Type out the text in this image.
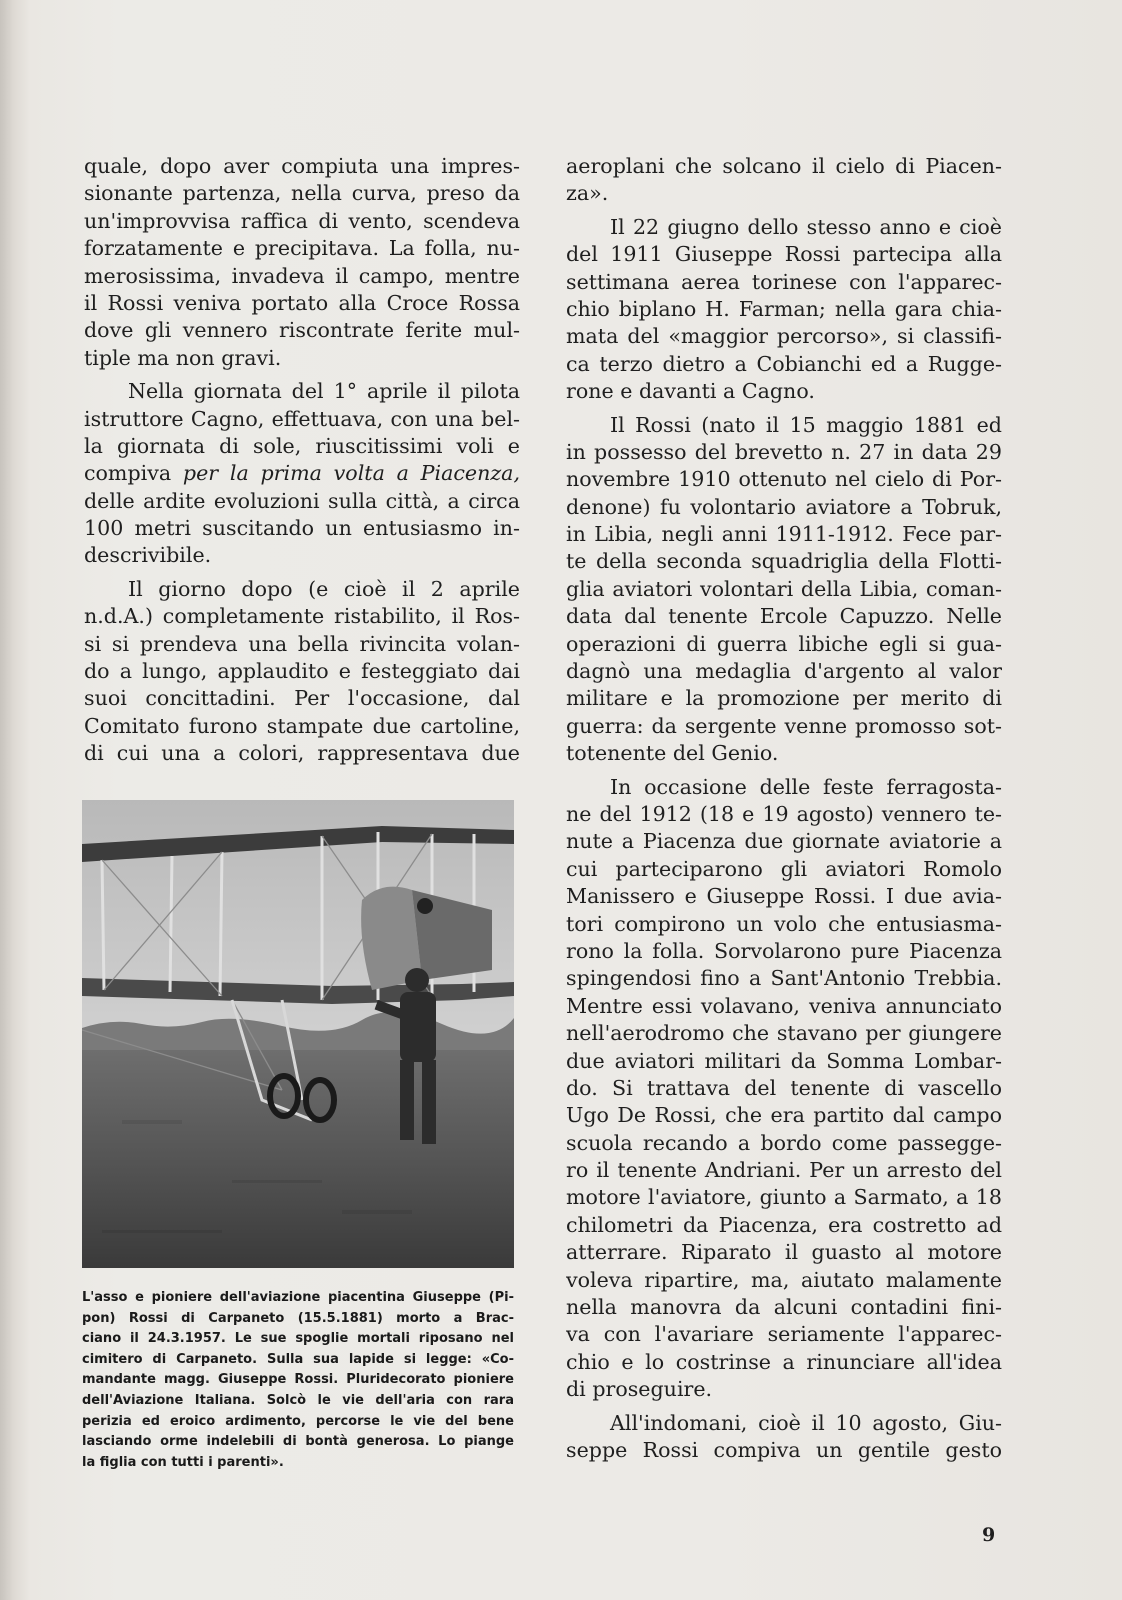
quale, dopo aver compiuta una impres-
sionante partenza, nella curva, preso da
un'improvvisa raffica di vento, scendeva
forzatamente e precipitava. La folla, nu-
merosissima, invadeva il campo, mentre
il Rossi veniva portato alla Croce Rossa
dove gli vennero riscontrate ferite mul-
tiple ma non gravi.
Nella giornata del 1° aprile il pilota
istruttore Cagno, effettuava, con una bel-
la giornata di sole, riuscitissimi voli e
compiva per la prima volta a Piacenza,
delle ardite evoluzioni sulla città, a circa
100 metri suscitando un entusiasmo in-
descrivibile.
Il giorno dopo (e cioè il 2 aprile
n.d.A.) completamente ristabilito, il Ros-
si si prendeva una bella rivincita volan-
do a lungo, applaudito e festeggiato dai
suoi concittadini. Per l'occasione, dal
Comitato furono stampate due cartoline,
di cui una a colori, rappresentava due
L'asso e pioniere dell'aviazione piacentina Giuseppe (Pi-
pon) Rossi di Carpaneto (15.5.1881) morto a Brac-
ciano il 24.3.1957. Le sue spoglie mortali riposano nel
cimitero di Carpaneto. Sulla sua lapide si legge: «Co-
mandante magg. Giuseppe Rossi. Pluridecorato pioniere
dell'Aviazione Italiana. Solcò le vie dell'aria con rara
perizia ed eroico ardimento, percorse le vie del bene
lasciando orme indelebili di bontà generosa. Lo piange
la figlia con tutti i parenti».
aeroplani che solcano il cielo di Piacen-
za».
Il 22 giugno dello stesso anno e cioè
del 1911 Giuseppe Rossi partecipa alla
settimana aerea torinese con l'apparec-
chio biplano H. Farman; nella gara chia-
mata del «maggior percorso», si classifi-
ca terzo dietro a Cobianchi ed a Rugge-
rone e davanti a Cagno.
Il Rossi (nato il 15 maggio 1881 ed
in possesso del brevetto n. 27 in data 29
novembre 1910 ottenuto nel cielo di Por-
denone) fu volontario aviatore a Tobruk,
in Libia, negli anni 1911-1912. Fece par-
te della seconda squadriglia della Flotti-
glia aviatori volontari della Libia, coman-
data dal tenente Ercole Capuzzo. Nelle
operazioni di guerra libiche egli si gua-
dagnò una medaglia d'argento al valor
militare e la promozione per merito di
guerra: da sergente venne promosso sot-
totenente del Genio.
In occasione delle feste ferragosta-
ne del 1912 (18 e 19 agosto) vennero te-
nute a Piacenza due giornate aviatorie a
cui parteciparono gli aviatori Romolo
Manissero e Giuseppe Rossi. I due avia-
tori compirono un volo che entusiasma-
rono la folla. Sorvolarono pure Piacenza
spingendosi fino a Sant'Antonio Trebbia.
Mentre essi volavano, veniva annunciato
nell'aerodromo che stavano per giungere
due aviatori militari da Somma Lombar-
do. Si trattava del tenente di vascello
Ugo De Rossi, che era partito dal campo
scuola recando a bordo come passegge-
ro il tenente Andriani. Per un arresto del
motore l'aviatore, giunto a Sarmato, a 18
chilometri da Piacenza, era costretto ad
atterrare. Riparato il guasto al motore
voleva ripartire, ma, aiutato malamente
nella manovra da alcuni contadini fini-
va con l'avariare seriamente l'apparec-
chio e lo costrinse a rinunciare all'idea
di proseguire.
All'indomani, cioè il 10 agosto, Giu-
seppe Rossi compiva un gentile gesto
9
